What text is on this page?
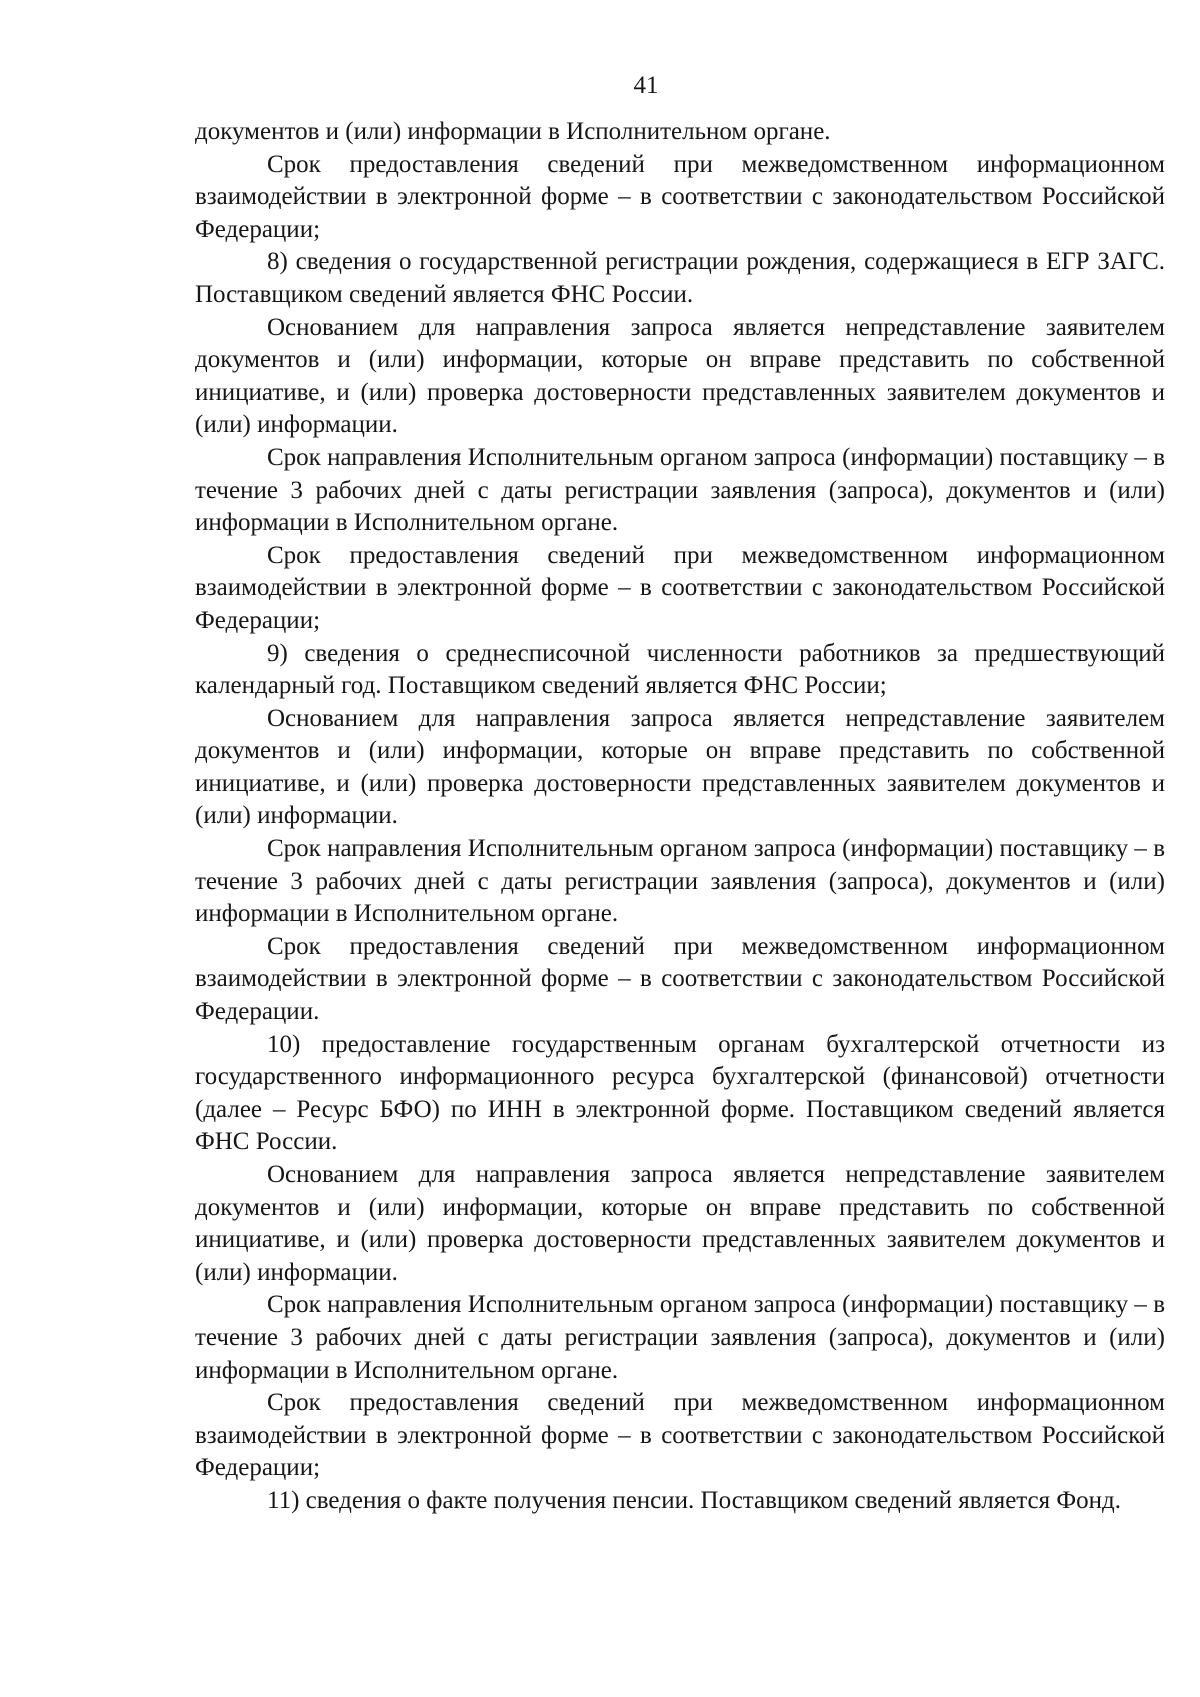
41

документов и (или) информации в Исполнительном органе.

Срок предоставления сведений при межведомственном информационном взаимодействии в электронной форме – в соответствии с законодательством Российской Федерации;

8) сведения о государственной регистрации рождения, содержащиеся в ЕГР ЗАГС. Поставщиком сведений является ФНС России.

Основанием для направления запроса является непредставление заявителем документов и (или) информации, которые он вправе представить по собственной инициативе, и (или) проверка достоверности представленных заявителем документов и (или) информации.

Срок направления Исполнительным органом запроса (информации) поставщику – в течение 3 рабочих дней с даты регистрации заявления (запроса), документов и (или) информации в Исполнительном органе.

Срок предоставления сведений при межведомственном информационном взаимодействии в электронной форме – в соответствии с законодательством Российской Федерации;

9) сведения о среднесписочной численности работников за предшествующий календарный год. Поставщиком сведений является ФНС России;

Основанием для направления запроса является непредставление заявителем документов и (или) информации, которые он вправе представить по собственной инициативе, и (или) проверка достоверности представленных заявителем документов и (или) информации.

Срок направления Исполнительным органом запроса (информации) поставщику – в течение 3 рабочих дней с даты регистрации заявления (запроса), документов и (или) информации в Исполнительном органе.

Срок предоставления сведений при межведомственном информационном взаимодействии в электронной форме – в соответствии с законодательством Российской Федерации.

10) предоставление государственным органам бухгалтерской отчетности из государственного информационного ресурса бухгалтерской (финансовой) отчетности (далее – Ресурс БФО) по ИНН в электронной форме. Поставщиком сведений является ФНС России.

Основанием для направления запроса является непредставление заявителем документов и (или) информации, которые он вправе представить по собственной инициативе, и (или) проверка достоверности представленных заявителем документов и (или) информации.

Срок направления Исполнительным органом запроса (информации) поставщику – в течение 3 рабочих дней с даты регистрации заявления (запроса), документов и (или) информации в Исполнительном органе.

Срок предоставления сведений при межведомственном информационном взаимодействии в электронной форме – в соответствии с законодательством Российской Федерации;

11) сведения о факте получения пенсии. Поставщиком сведений является Фонд.
